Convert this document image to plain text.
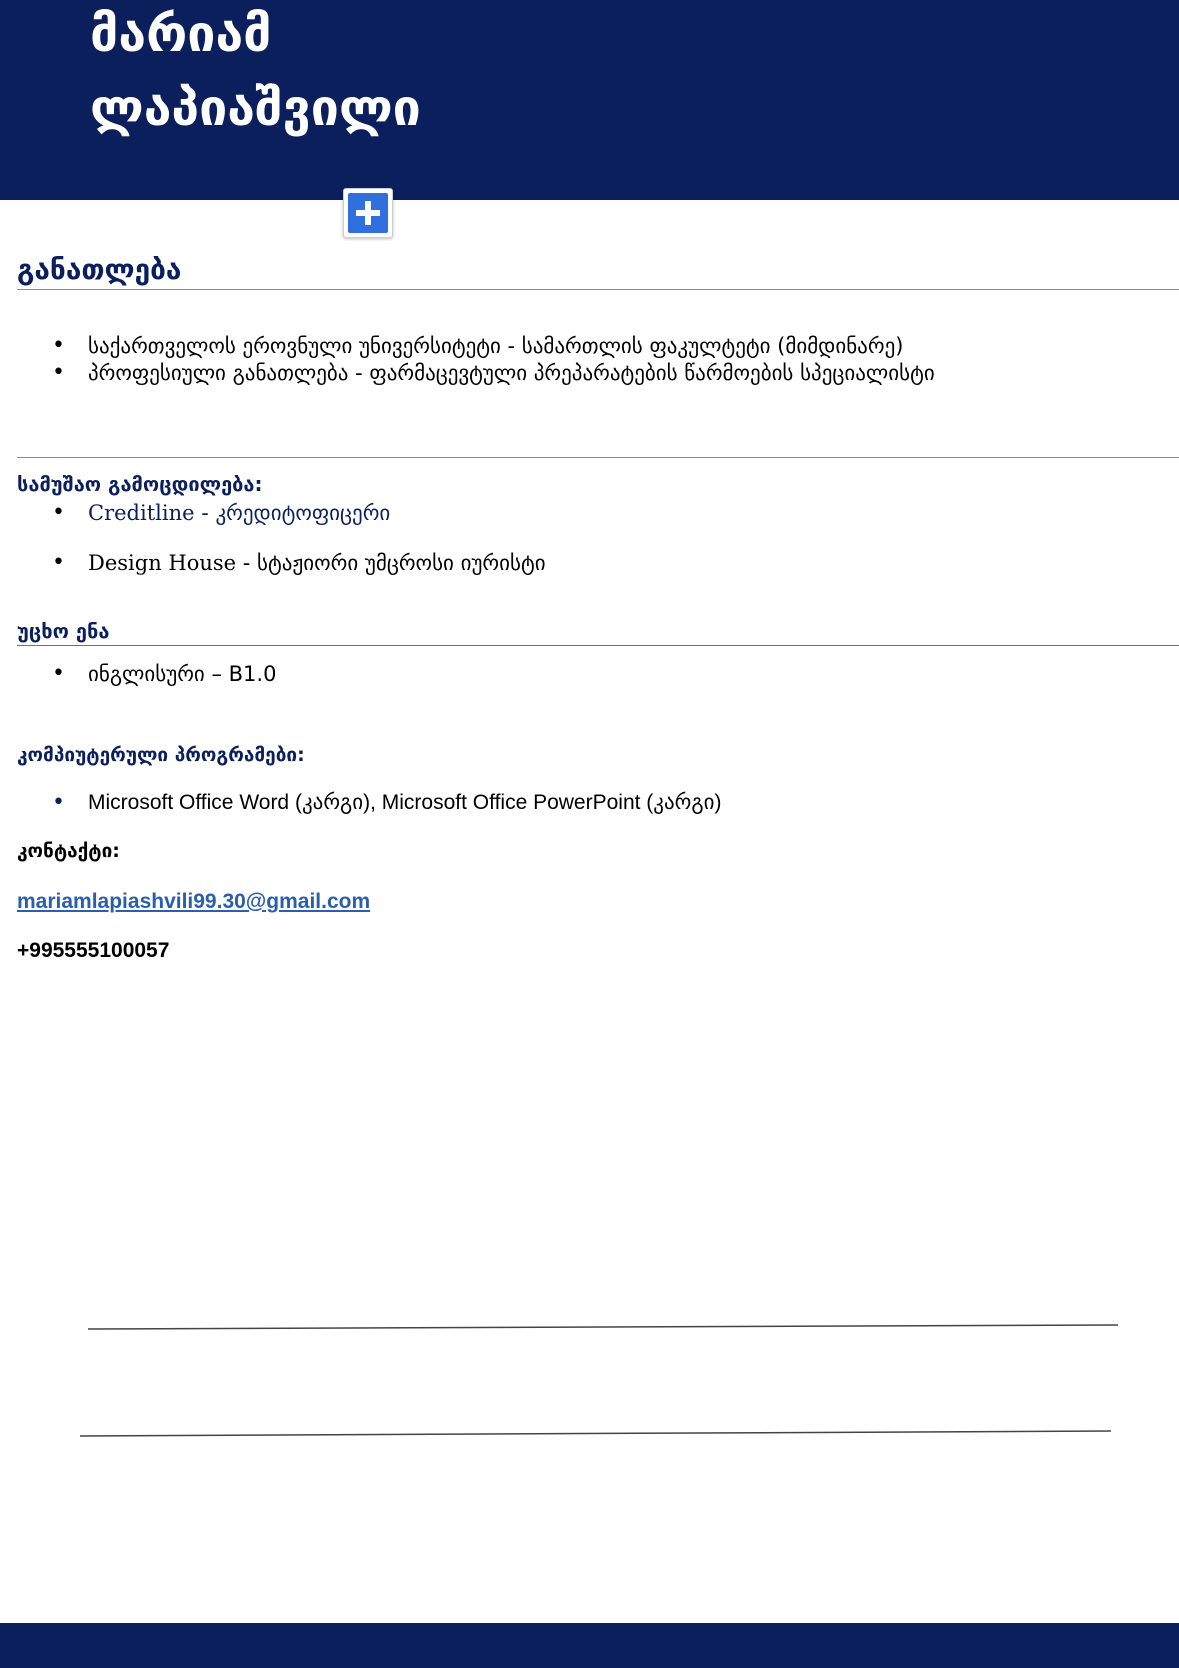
მარიამ
ლაპიაშვილი
განათლება
• საქართველოს ეროვნული უნივერსიტეტი - სამართლის ფაკულტეტი (მიმდინარე)
• პროფესიული განათლება - ფარმაცევტული პრეპარატების წარმოების სპეციალისტი
სამუშაო გამოცდილება:
• Creditline - კრედიტოფიცერი
• Design House - სტაჟიორი უმცროსი იურისტი
უცხო ენა
• ინგლისური – B1.0
კომპიუტერული პროგრამები:
• Microsoft Office Word (კარგი), Microsoft Office PowerPoint (კარგი)
კონტაქტი:
mariamlapiashvili99.30@gmail.com
+995555100057
